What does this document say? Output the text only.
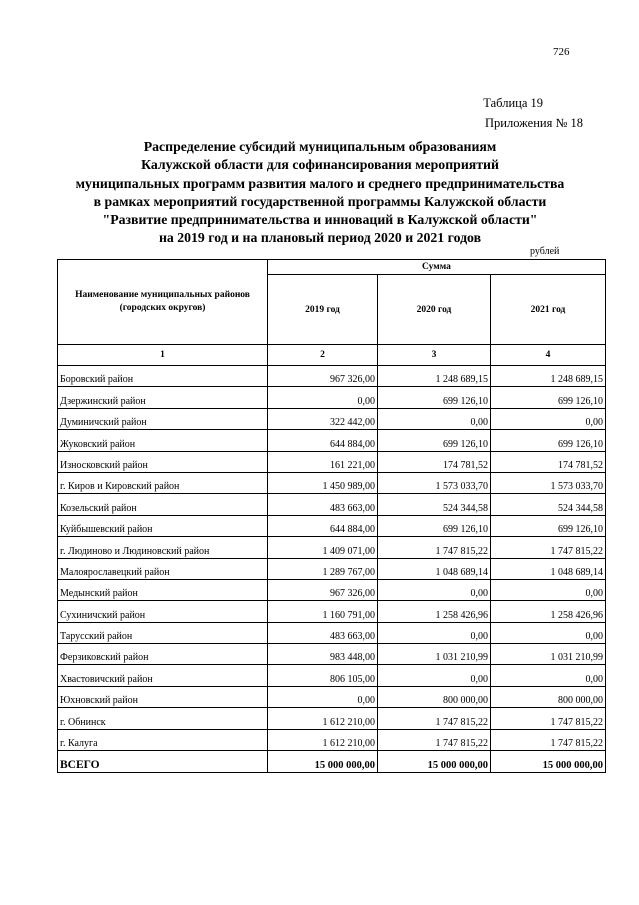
726
Таблица 19
Приложения № 18
Распределение субсидий муниципальным образованиям
Калужской области для софинансирования мероприятий
муниципальных программ развития малого и среднего предпринимательства
в рамках мероприятий государственной программы Калужской области
"Развитие предпринимательства и инноваций в Калужской области"
на 2019 год и на плановый период 2020 и 2021 годов
рублей
Наименование муниципальных районов (городских округов)	Сумма		
	2019 год	2020 год	2021 год
1	2	3	4
Боровский район	967 326,00	1 248 689,15	1 248 689,15
Дзержинский район	0,00	699 126,10	699 126,10
Думиничский район	322 442,00	0,00	0,00
Жуковский район	644 884,00	699 126,10	699 126,10
Износковский район	161 221,00	174 781,52	174 781,52
г. Киров и Кировский район	1 450 989,00	1 573 033,70	1 573 033,70
Козельский район	483 663,00	524 344,58	524 344,58
Куйбышевский район	644 884,00	699 126,10	699 126,10
г. Людиново и Людиновский район	1 409 071,00	1 747 815,22	1 747 815,22
Малоярославецкий район	1 289 767,00	1 048 689,14	1 048 689,14
Медынский район	967 326,00	0,00	0,00
Сухиничский район	1 160 791,00	1 258 426,96	1 258 426,96
Тарусский район	483 663,00	0,00	0,00
Ферзиковский район	983 448,00	1 031 210,99	1 031 210,99
Хвастовичский район	806 105,00	0,00	0,00
Юхновский район	0,00	800 000,00	800 000,00
г. Обнинск	1 612 210,00	1 747 815,22	1 747 815,22
г. Калуга	1 612 210,00	1 747 815,22	1 747 815,22
ВСЕГО	15 000 000,00	15 000 000,00	15 000 000,00
